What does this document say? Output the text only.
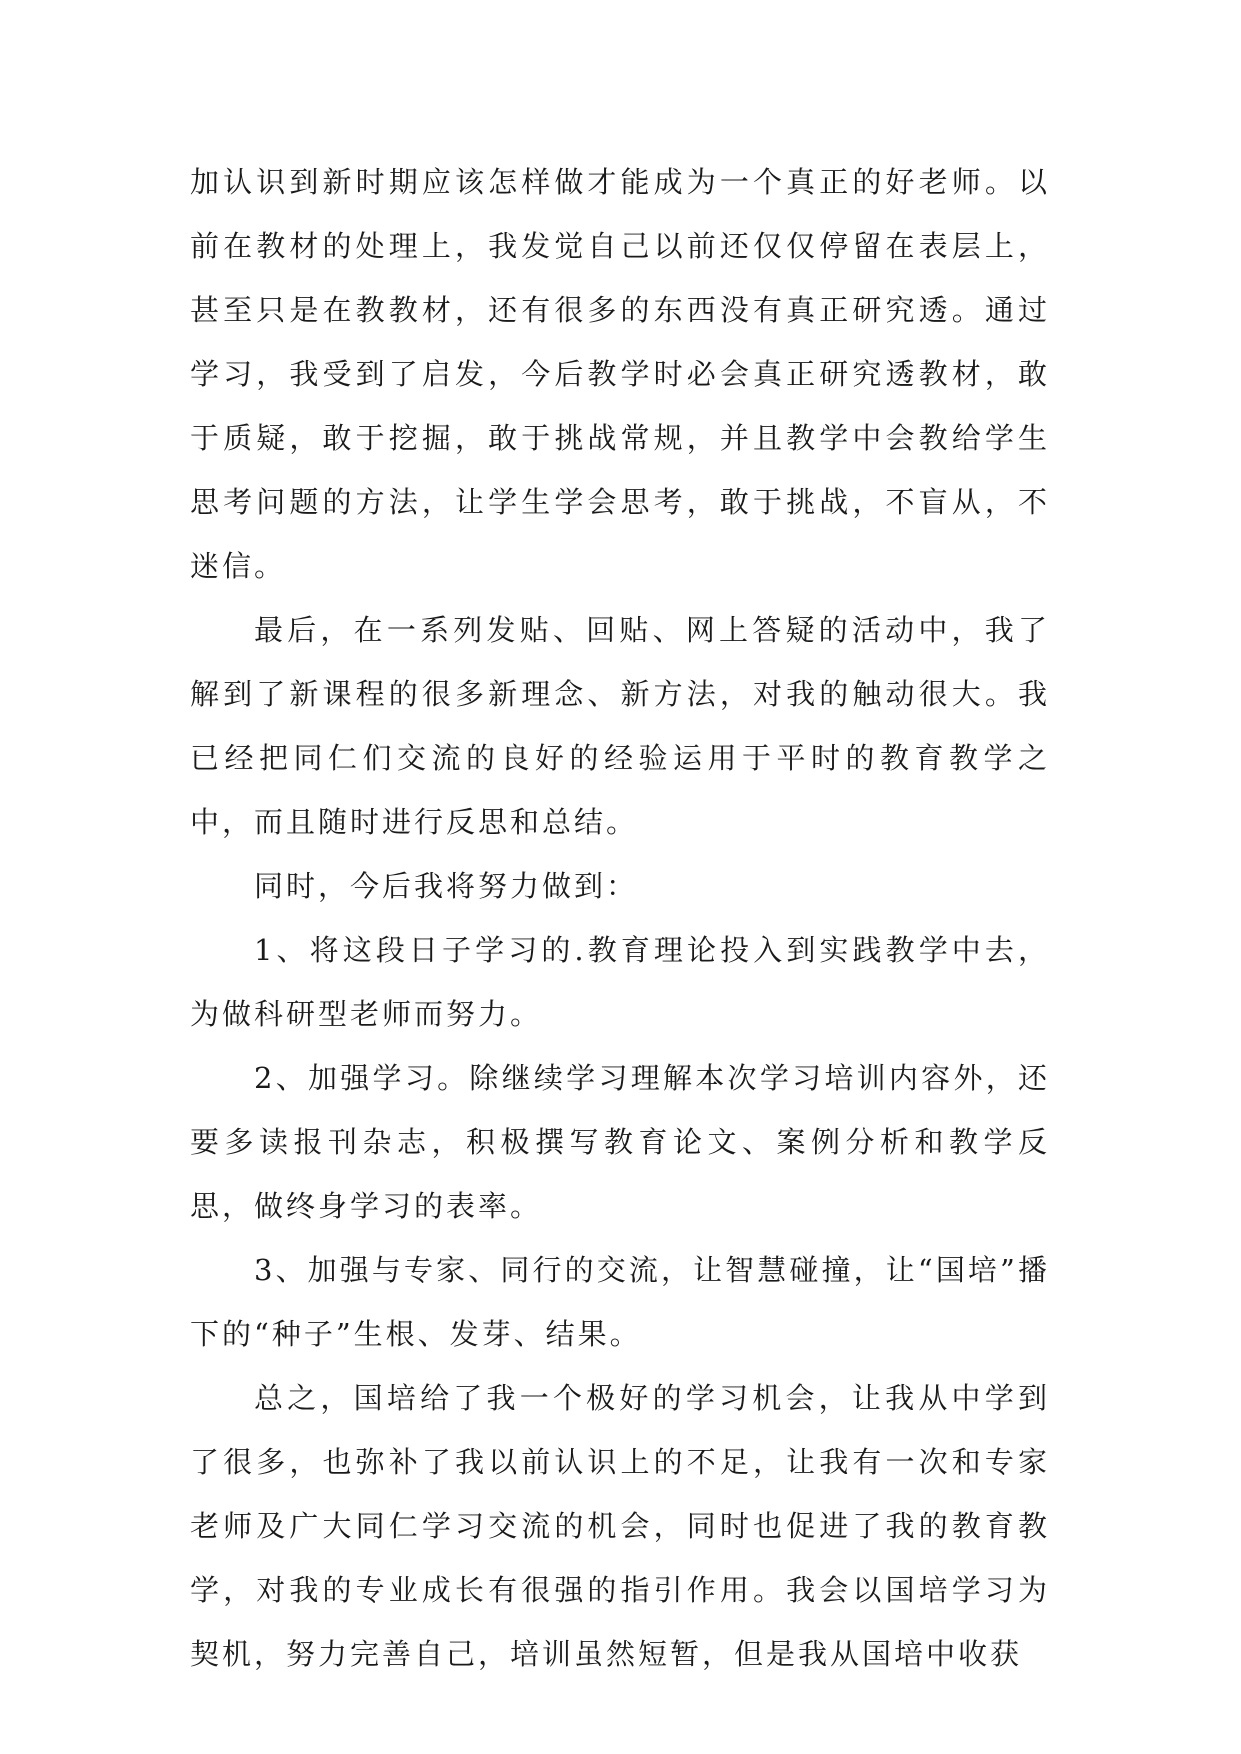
加认识到新时期应该怎样做才能成为一个真正的好老师。以前在教材的处理上，我发觉自己以前还仅仅停留在表层上，甚至只是在教教材，还有很多的东西没有真正研究透。通过学习，我受到了启发，今后教学时必会真正研究透教材，敢于质疑，敢于挖掘，敢于挑战常规，并且教学中会教给学生思考问题的方法，让学生学会思考，敢于挑战，不盲从，不迷信。

最后，在一系列发贴、回贴、网上答疑的活动中，我了解到了新课程的很多新理念、新方法，对我的触动很大。我已经把同仁们交流的良好的经验运用于平时的教育教学之中，而且随时进行反思和总结。

同时，今后我将努力做到：

1、将这段日子学习的.教育理论投入到实践教学中去，为做科研型老师而努力。

2、加强学习。除继续学习理解本次学习培训内容外，还要多读报刊杂志，积极撰写教育论文、案例分析和教学反思，做终身学习的表率。

3、加强与专家、同行的交流，让智慧碰撞，让“国培”播下的“种子”生根、发芽、结果。

总之，国培给了我一个极好的学习机会，让我从中学到了很多，也弥补了我以前认识上的不足，让我有一次和专家老师及广大同仁学习交流的机会，同时也促进了我的教育教学，对我的专业成长有很强的指引作用。我会以国培学习为契机，努力完善自己，培训虽然短暂，但是我从国培中收获
